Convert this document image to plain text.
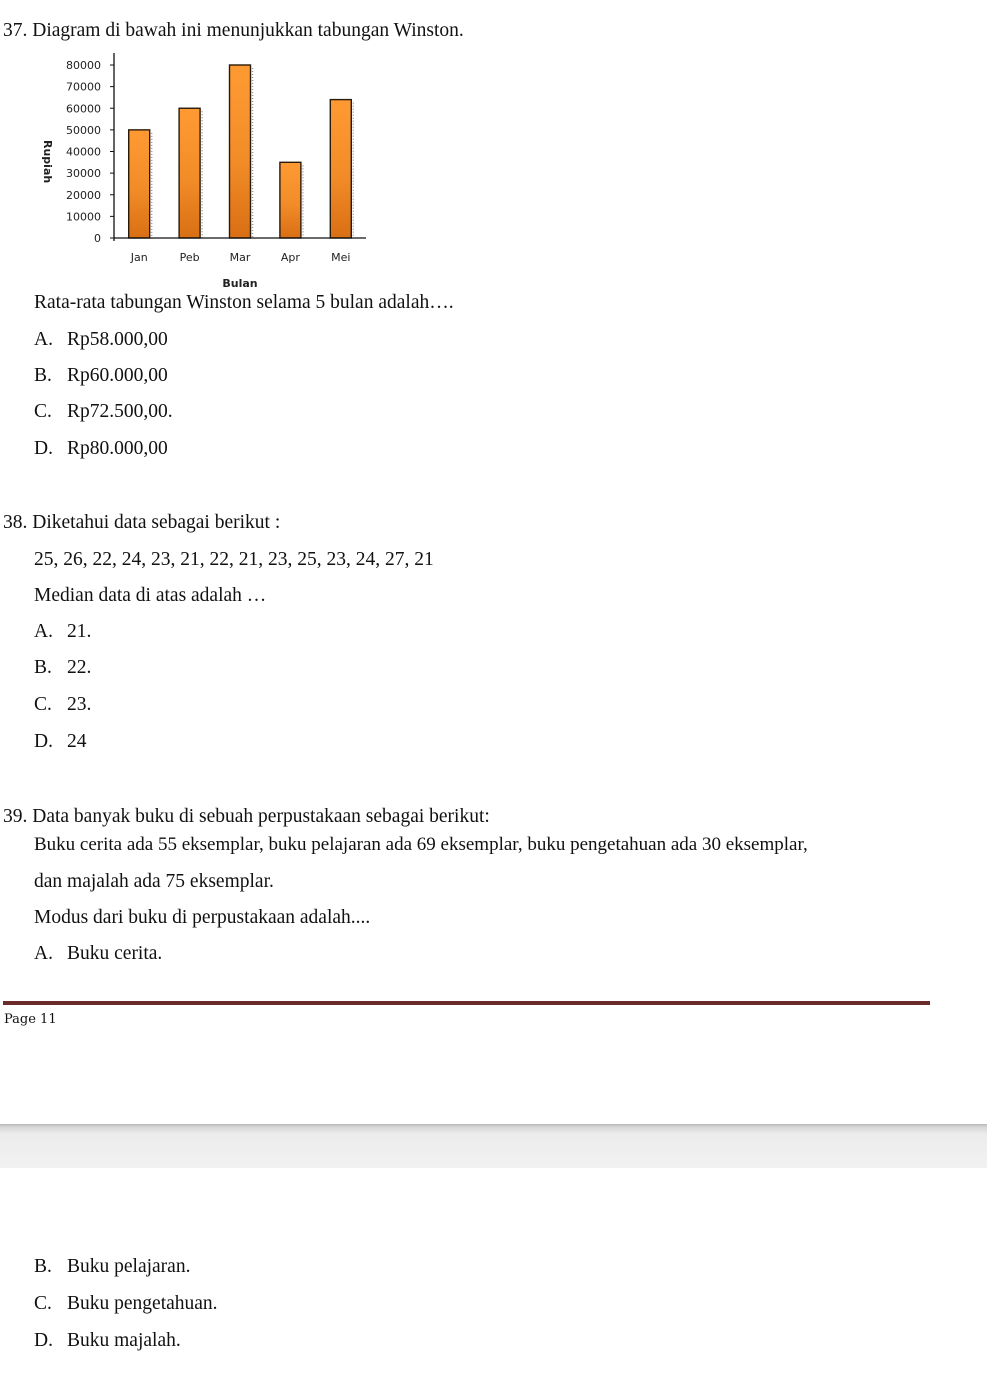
37. Diagram di bawah ini menunjukkan tabungan Winston.
0
10000
20000
30000
40000
50000
60000
70000
80000
Jan	Peb	Mar	Apr	Mei
Rupiah
Bulan
Rata-rata tabungan Winston selama 5 bulan adalah….
A. Rp58.000,00
B. Rp60.000,00
C. Rp72.500,00.
D. Rp80.000,00
38. Diketahui data sebagai berikut :
25, 26, 22, 24, 23, 21, 22, 21, 23, 25, 23, 24, 27, 21
Median data di atas adalah …
A. 21.
B. 22.
C. 23.
D. 24
39. Data banyak buku di sebuah perpustakaan sebagai berikut:
Buku cerita ada 55 eksemplar, buku pelajaran ada 69 eksemplar, buku pengetahuan ada 30 eksemplar,
dan majalah ada 75 eksemplar.
Modus dari buku di perpustakaan adalah....
A. Buku cerita.
Page 11
B. Buku pelajaran.
C. Buku pengetahuan.
D. Buku majalah.
